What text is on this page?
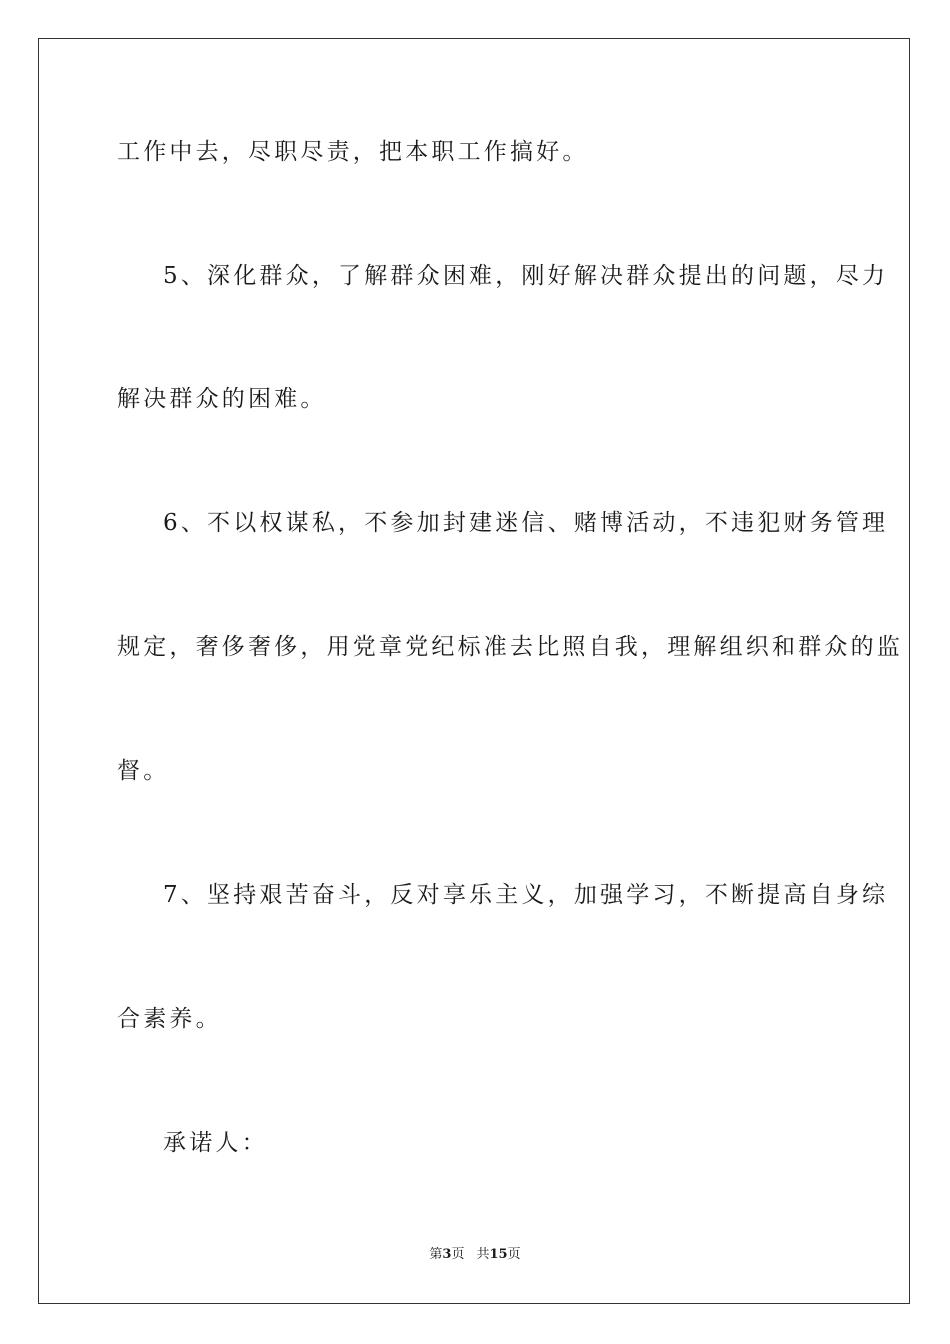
工作中去，尽职尽责，把本职工作搞好。
5、深化群众，了解群众困难，刚好解决群众提出的问题，尽力
解决群众的困难。
6、不以权谋私，不参加封建迷信、赌博活动，不违犯财务管理
规定，奢侈奢侈，用党章党纪标准去比照自我，理解组织和群众的监
督。
7、坚持艰苦奋斗，反对享乐主义，加强学习，不断提高自身综
合素养。
承诺人：
第3页 共15页
